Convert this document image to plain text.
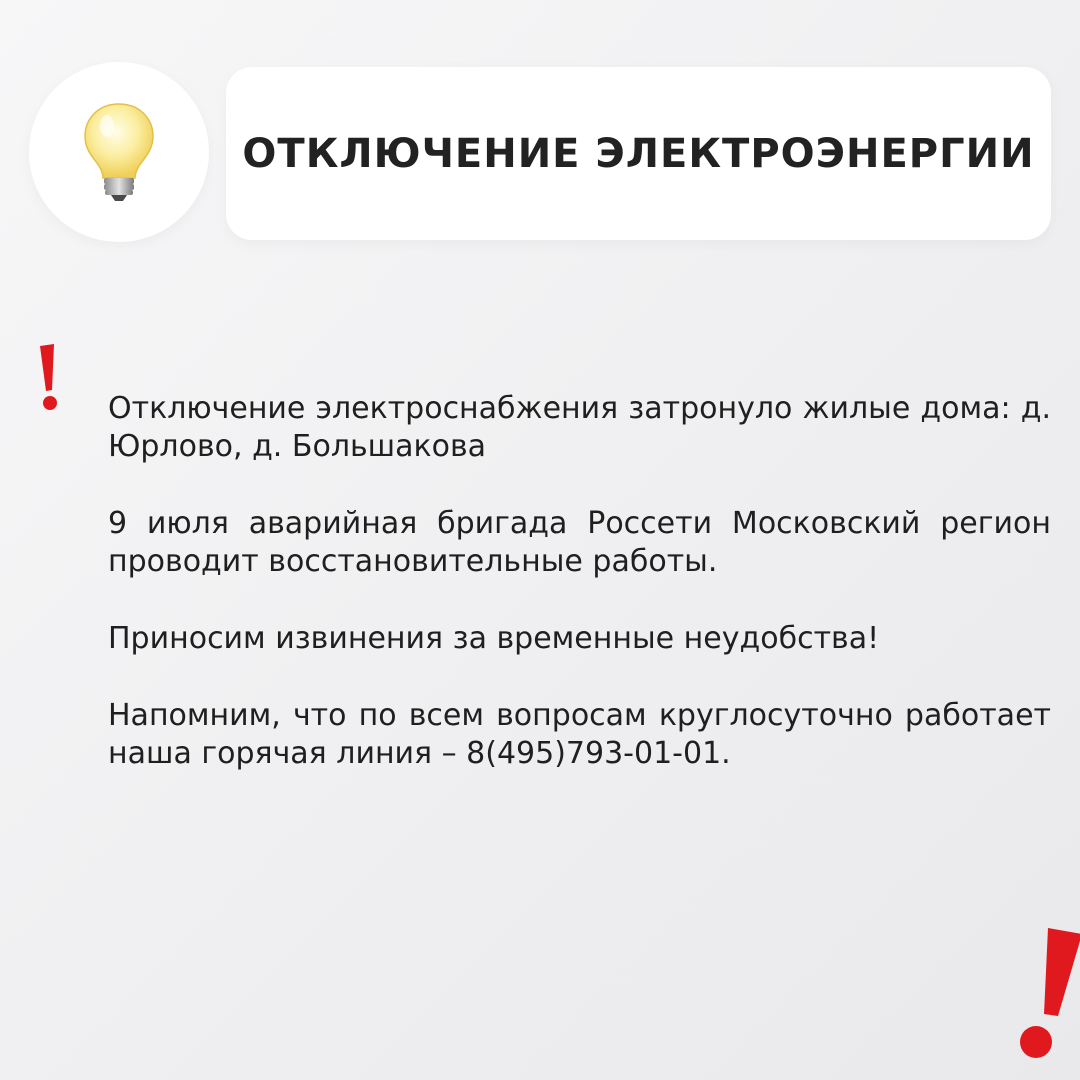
ОТКЛЮЧЕНИЕ ЭЛЕКТРОЭНЕРГИИ

Отключение электроснабжения затронуло жилые дома: д. Юрлово, д. Большакова

9 июля аварийная бригада Россети Московский регион проводит восстановительные работы.

Приносим извинения за временные неудобства!

Напомним, что по всем вопросам круглосуточно работает наша горячая линия – 8(495)793-01-01.
